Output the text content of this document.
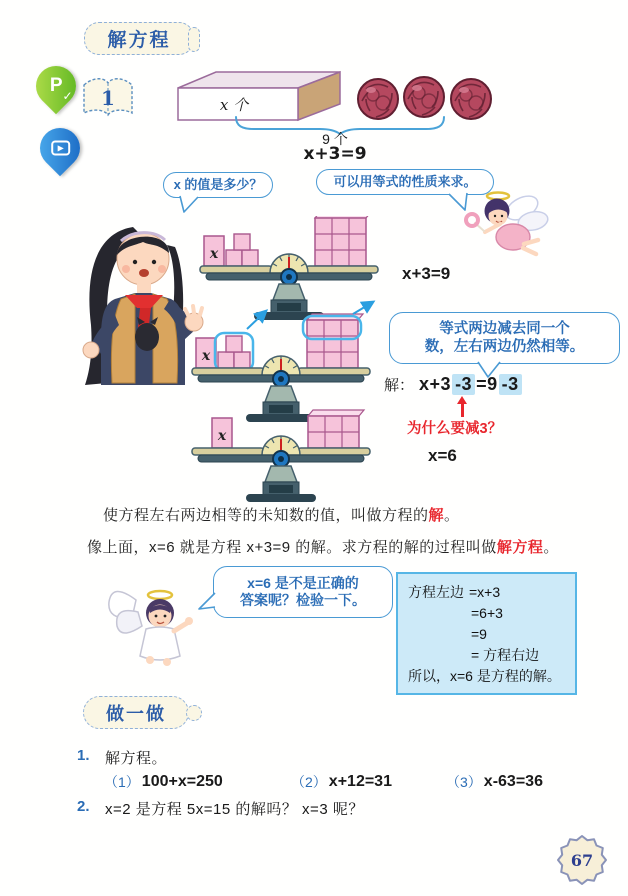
解方程
P ✓ 1
▶
x 个
9 个
x+3=9
x 的值是多少？	可以用等式的性质来求。
x
x+3=9
x
等式两边减去同一个
数，左右两边仍然相等。
解： x+3 -3 =9 -3
为什么要减3？
x
x=6
使方程左右两边相等的未知数的值，叫做方程的解。
像上面，x=6 就是方程 x+3=9 的解。求方程的解的过程叫做解方程。
x=6 是不是正确的
答案呢？检验一下。	方程左边 =x+3
=6+3
=9
= 方程右边
所以，x=6 是方程的解。
做一做
1. 解方程。
（1） 100+x=250	（2） x+12=31	（3） x-63=36
2. x=2 是方程 5x=15 的解吗？ x=3 呢？
67
